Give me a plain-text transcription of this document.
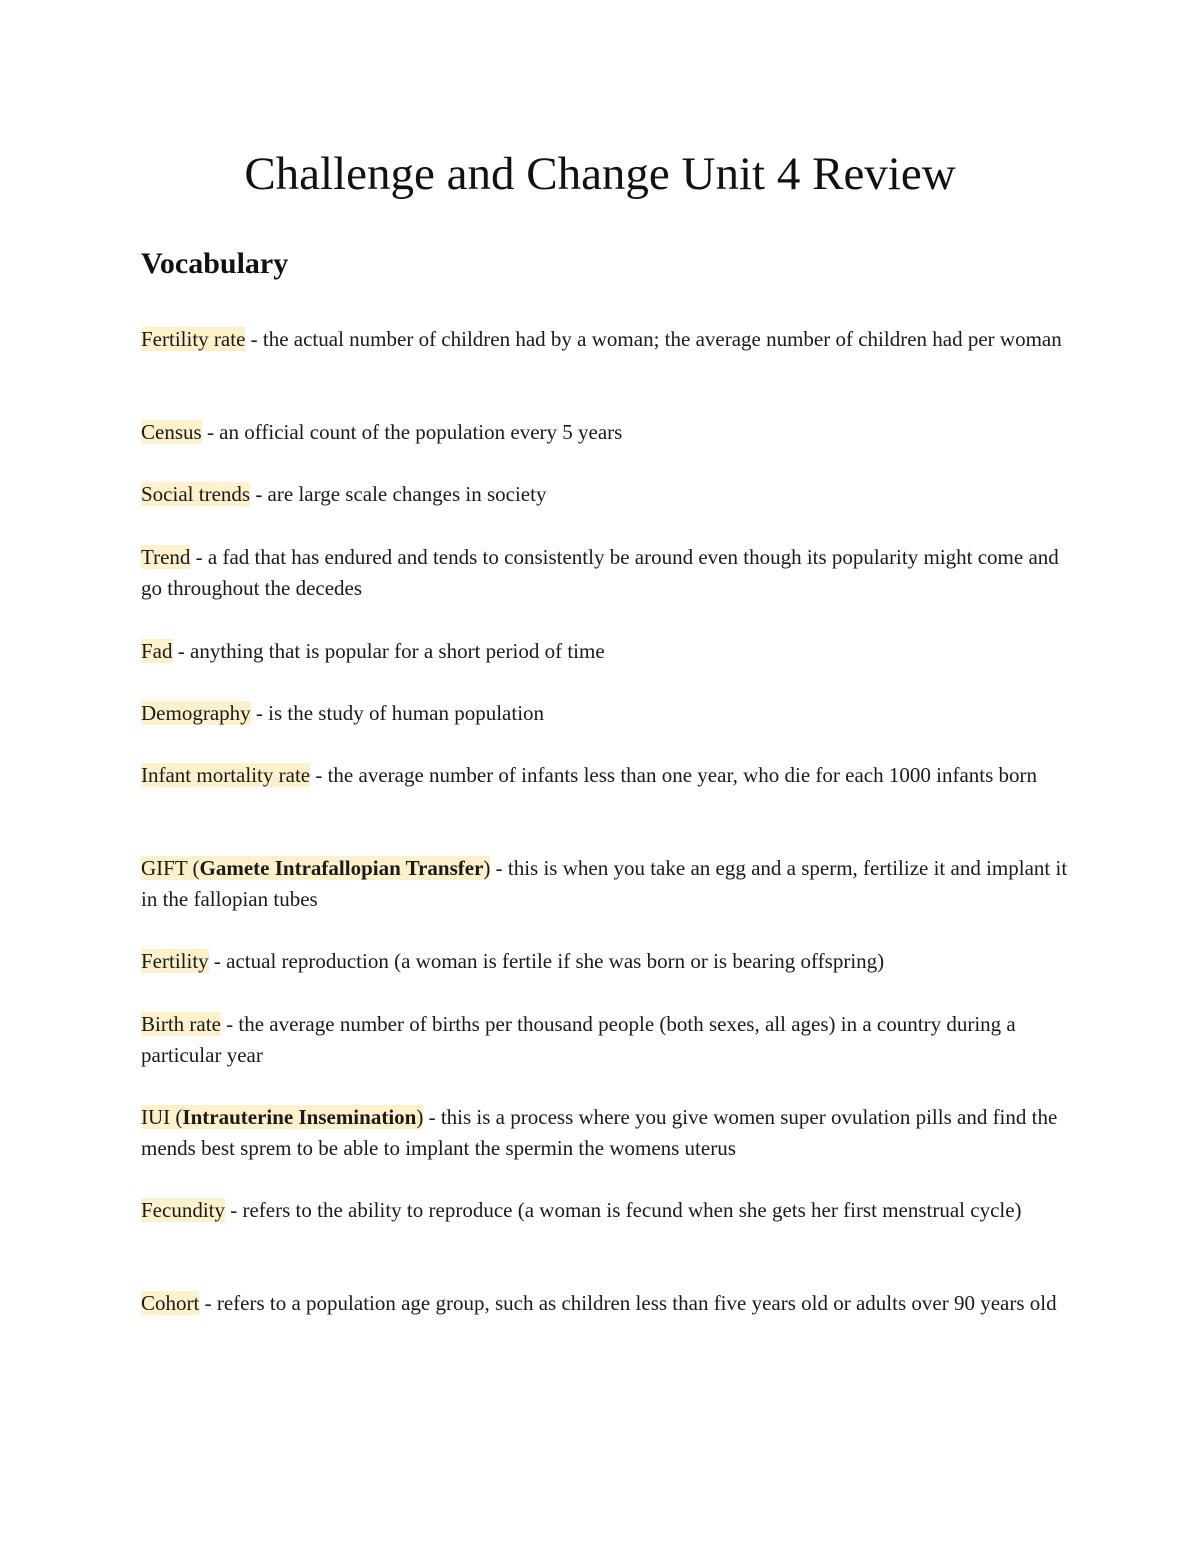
Challenge and Change Unit 4 Review
Vocabulary

Fertility rate - the actual number of children had by a woman; the average number of children had per woman

Census - an official count of the population every 5 years

Social trends - are large scale changes in society

Trend - a fad that has endured and tends to consistently be around even though its popularity might come and go throughout the decedes

Fad - anything that is popular for a short period of time

Demography - is the study of human population

Infant mortality rate - the average number of infants less than one year, who die for each 1000 infants born

GIFT (Gamete Intrafallopian Transfer) - this is when you take an egg and a sperm, fertilize it and implant it in the fallopian tubes

Fertility - actual reproduction (a woman is fertile if she was born or is bearing offspring)

Birth rate - the average number of births per thousand people (both sexes, all ages) in a country during a particular year

IUI (Intrauterine Insemination) - this is a process where you give women super ovulation pills and find the mends best sprem to be able to implant the spermin the womens uterus

Fecundity - refers to the ability to reproduce (a woman is fecund when she gets her first menstrual cycle)

Cohort - refers to a population age group, such as children less than five years old or adults over 90 years old
